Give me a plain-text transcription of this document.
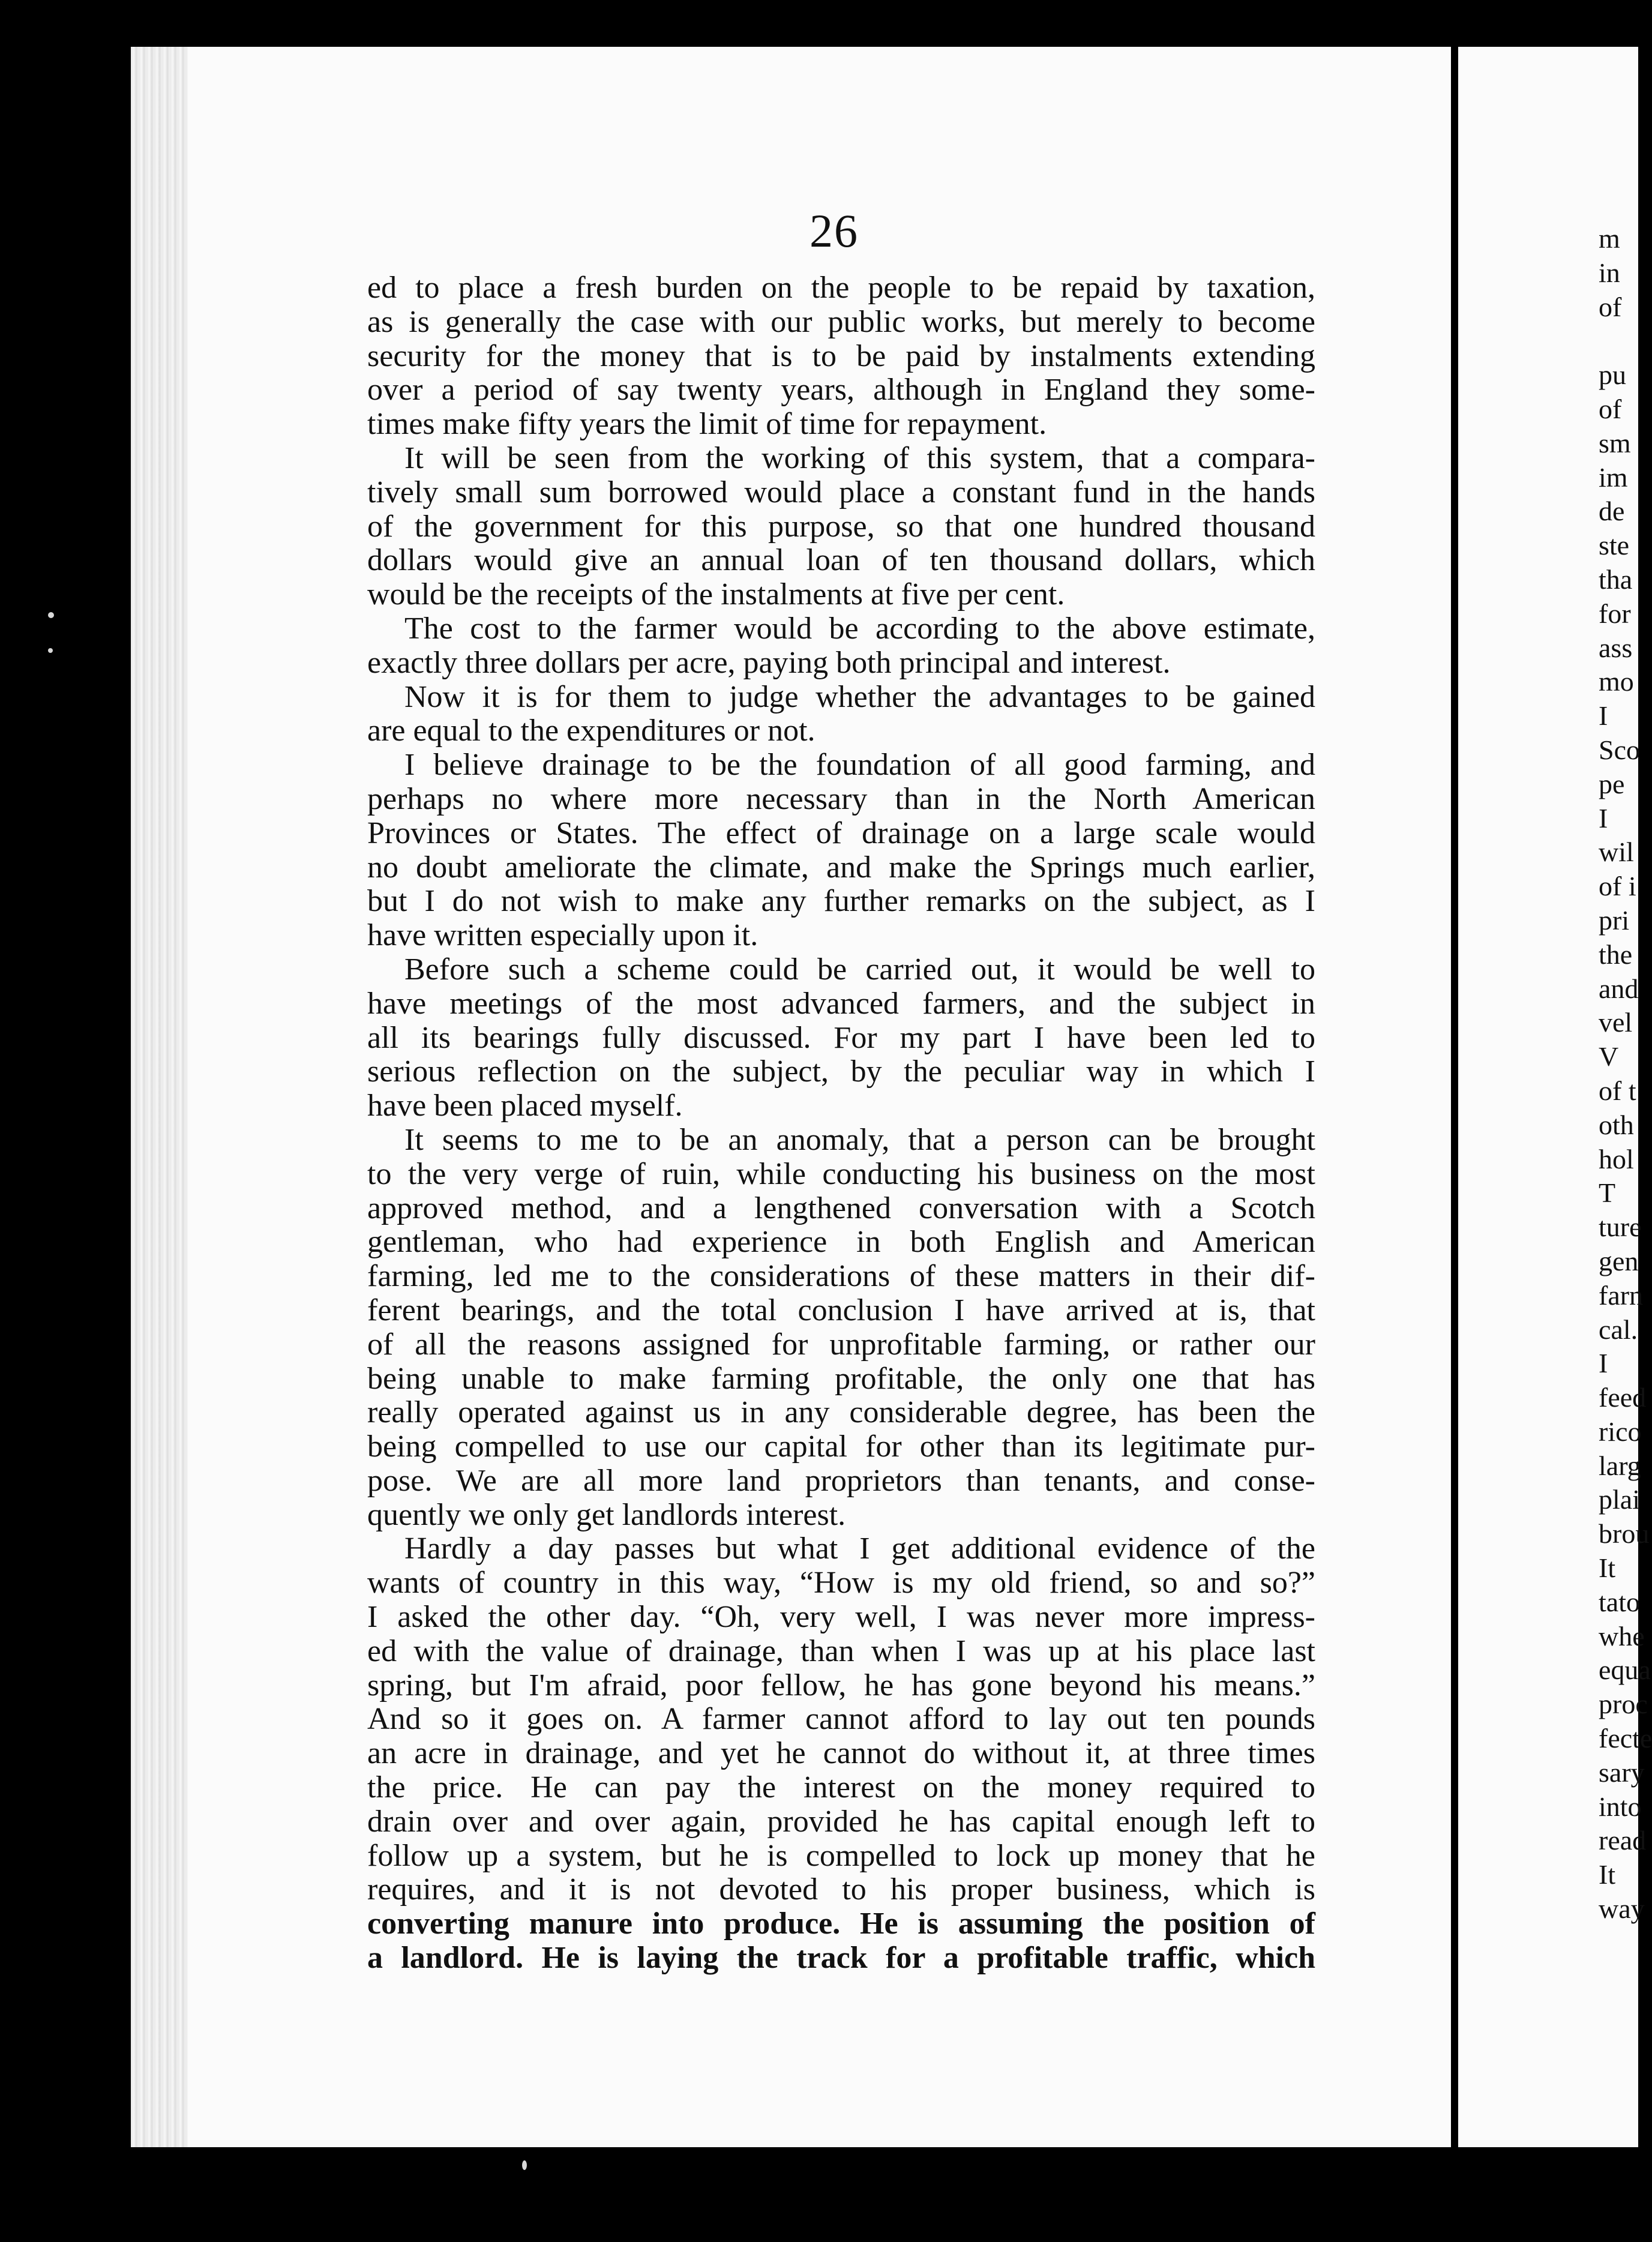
26
ed to place a fresh burden on the people to be repaid by taxation,
as is generally the case with our public works, but merely to become
security for the money that is to be paid by instalments extending
over a period of say twenty years, although in England they some-
times make fifty years the limit of time for repayment.
It will be seen from the working of this system, that a compara-
tively small sum borrowed would place a constant fund in the hands
of the government for this purpose, so that one hundred thousand
dollars would give an annual loan of ten thousand dollars, which
would be the receipts of the instalments at five per cent.
The cost to the farmer would be according to the above estimate,
exactly three dollars per acre, paying both principal and interest.
Now it is for them to judge whether the advantages to be gained
are equal to the expenditures or not.
I believe drainage to be the foundation of all good farming, and
perhaps no where more necessary than in the North American
Provinces or States. The effect of drainage on a large scale would
no doubt ameliorate the climate, and make the Springs much earlier,
but I do not wish to make any further remarks on the subject, as I
have written especially upon it.
Before such a scheme could be carried out, it would be well to
have meetings of the most advanced farmers, and the subject in
all its bearings fully discussed. For my part I have been led to
serious reflection on the subject, by the peculiar way in which I
have been placed myself.
It seems to me to be an anomaly, that a person can be brought
to the very verge of ruin, while conducting his business on the most
approved method, and a lengthened conversation with a Scotch
gentleman, who had experience in both English and American
farming, led me to the considerations of these matters in their dif-
ferent bearings, and the total conclusion I have arrived at is, that
of all the reasons assigned for unprofitable farming, or rather our
being unable to make farming profitable, the only one that has
really operated against us in any considerable degree, has been the
being compelled to use our capital for other than its legitimate pur-
pose. We are all more land proprietors than tenants, and conse-
quently we only get landlords interest.
Hardly a day passes but what I get additional evidence of the
wants of country in this way, “How is my old friend, so and so?”
I asked the other day. “Oh, very well, I was never more impress-
ed with the value of drainage, than when I was up at his place last
spring, but I'm afraid, poor fellow, he has gone beyond his means.”
And so it goes on. A farmer cannot afford to lay out ten pounds
an acre in drainage, and yet he cannot do without it, at three times
the price. He can pay the interest on the money required to
drain over and over again, provided he has capital enough left to
follow up a system, but he is compelled to lock up money that he
requires, and it is not devoted to his proper business, which is
converting manure into produce. He is assuming the position of
a landlord. He is laying the track for a profitable traffic, which
m
in
of
pu
of
sm
im
de
ste
tha
for
ass
mo
I
Sco
pe
I
wil
of i
pri
the
and
vel
V
of t
oth
hol
T
ture
gen
farn
cal.
I
feed
rico
larg
plai
brou
It
tato
whe
equa
proc
fecte
sary
into
read
It
way
